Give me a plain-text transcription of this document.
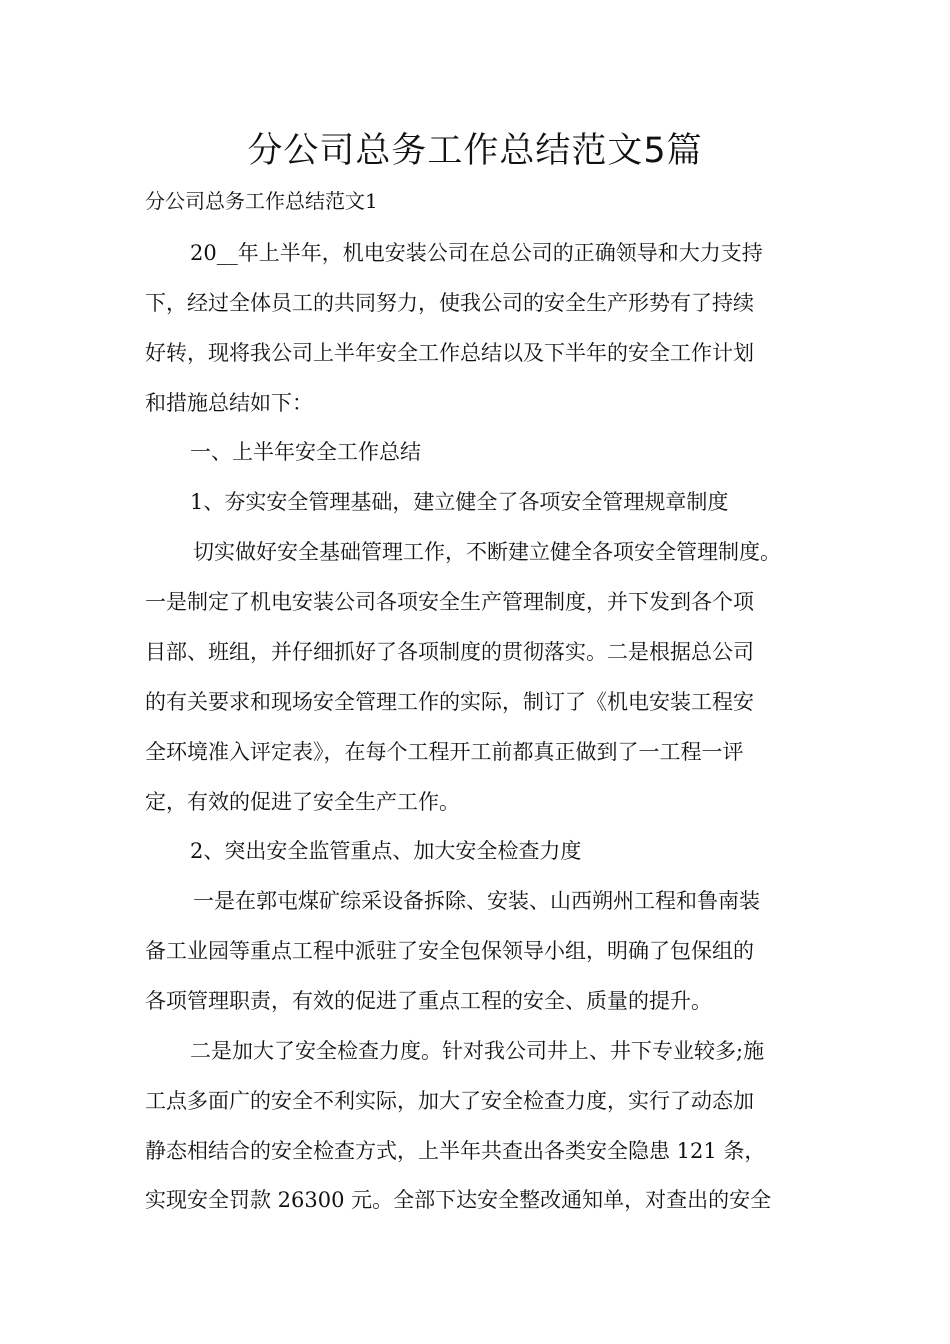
分公司总务工作总结范文5篇

分公司总务工作总结范文1

20__年上半年，机电安装公司在总公司的正确领导和大力支持

下，经过全体员工的共同努力，使我公司的安全生产形势有了持续

好转，现将我公司上半年安全工作总结以及下半年的安全工作计划

和措施总结如下：

一、上半年安全工作总结

1、夯实安全管理基础，建立健全了各项安全管理规章制度

切实做好安全基础管理工作，不断建立健全各项安全管理制度。

一是制定了机电安装公司各项安全生产管理制度，并下发到各个项

目部、班组，并仔细抓好了各项制度的贯彻落实。二是根据总公司

的有关要求和现场安全管理工作的实际，制订了《机电安装工程安

全环境准入评定表》，在每个工程开工前都真正做到了一工程一评

定，有效的促进了安全生产工作。

2、突出安全监管重点、加大安全检查力度

一是在郭屯煤矿综采设备拆除、安装、山西朔州工程和鲁南装

备工业园等重点工程中派驻了安全包保领导小组，明确了包保组的

各项管理职责，有效的促进了重点工程的安全、质量的提升。

二是加大了安全检查力度。针对我公司井上、井下专业较多;施

工点多面广的安全不利实际，加大了安全检查力度，实行了动态加

静态相结合的安全检查方式，上半年共查出各类安全隐患 121 条，

实现安全罚款 26300 元。全部下达安全整改通知单，对查出的安全
